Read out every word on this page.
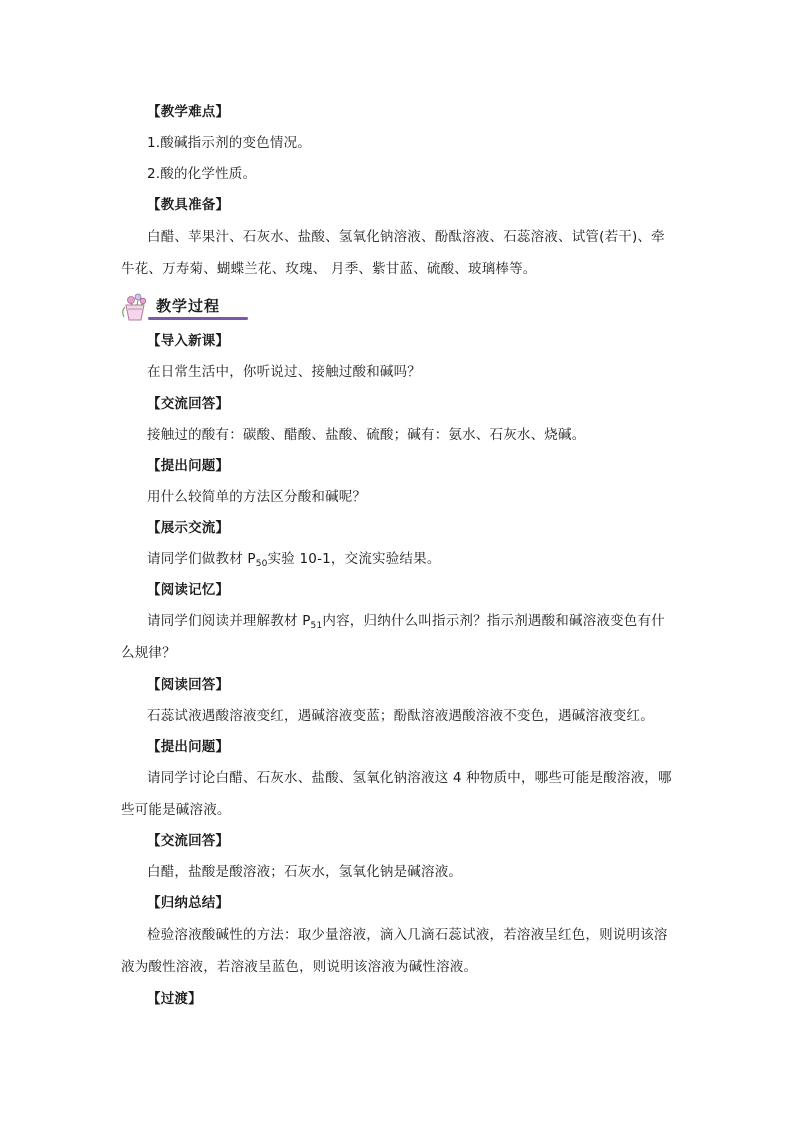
【教学难点】
1.酸碱指示剂的变色情况。
2.酸的化学性质。
【教具准备】
白醋、苹果汁、石灰水、盐酸、氢氧化钠溶液、酚酞溶液、石蕊溶液、试管(若干)、牵
牛花、万寿菊、蝴蝶兰花、玫瑰、 月季、紫甘蓝、硫酸、玻璃棒等。
教学过程
【导入新课】
在日常生活中，你听说过、接触过酸和碱吗？
【交流回答】
接触过的酸有：碳酸、醋酸、盐酸、硫酸；碱有：氨水、石灰水、烧碱。
【提出问题】
用什么较简单的方法区分酸和碱呢？
【展示交流】
请同学们做教材 $P_{50}$实验 10-1，交流实验结果。
【阅读记忆】
请同学们阅读并理解教材 $P_{51}$内容，归纳什么叫指示剂？指示剂遇酸和碱溶液变色有什
么规律？
【阅读回答】
石蕊试液遇酸溶液变红，遇碱溶液变蓝；酚酞溶液遇酸溶液不变色，遇碱溶液变红。
【提出问题】
请同学讨论白醋、石灰水、盐酸、氢氧化钠溶液这 4 种物质中，哪些可能是酸溶液，哪
些可能是碱溶液。
【交流回答】
白醋，盐酸是酸溶液；石灰水，氢氧化钠是碱溶液。
【归纳总结】
检验溶液酸碱性的方法：取少量溶液，滴入几滴石蕊试液，若溶液呈红色，则说明该溶
液为酸性溶液，若溶液呈蓝色，则说明该溶液为碱性溶液。
【过渡】
